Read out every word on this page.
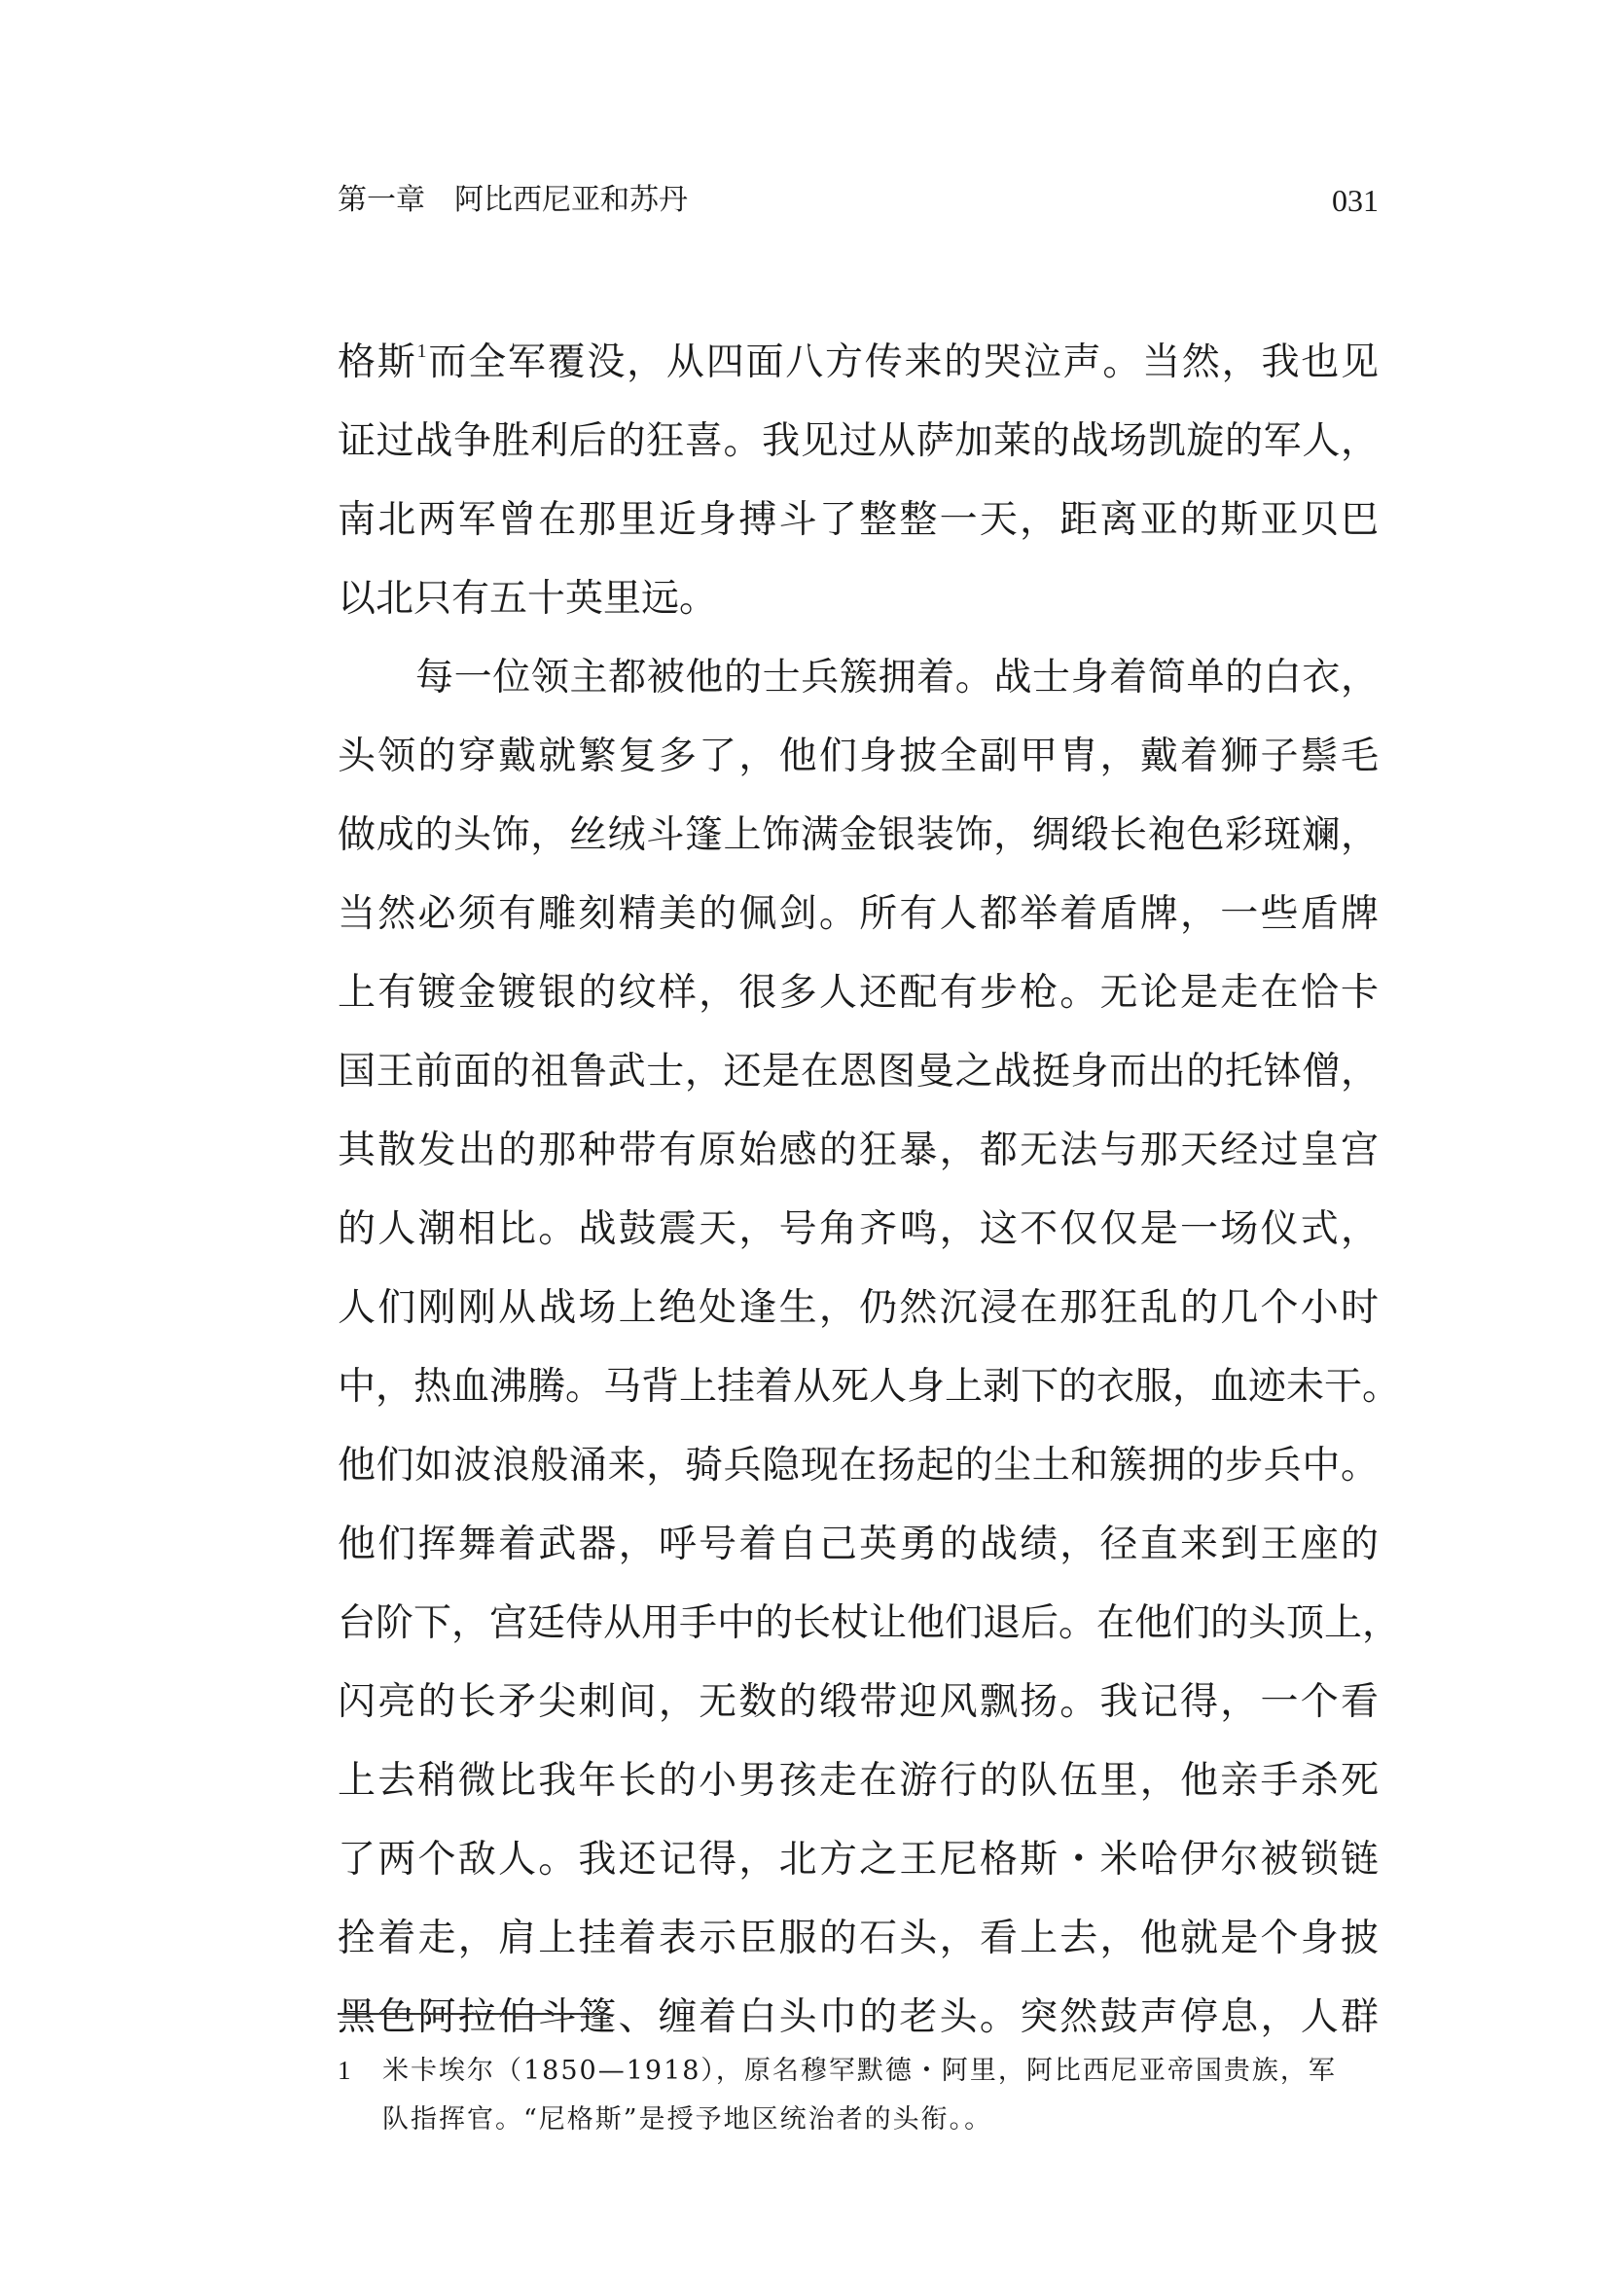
第一章　阿比西尼亚和苏丹	031
格斯$^1$而全军覆没，从四面八方传来的哭泣声。当然，我也见
证过战争胜利后的狂喜。我见过从萨加莱的战场凯旋的军人，
南北两军曾在那里近身搏斗了整整一天，距离亚的斯亚贝巴
以北只有五十英里远。
每一位领主都被他的士兵簇拥着。战士身着简单的白衣，
头领的穿戴就繁复多了，他们身披全副甲胄，戴着狮子鬃毛
做成的头饰，丝绒斗篷上饰满金银装饰，绸缎长袍色彩斑斓，
当然必须有雕刻精美的佩剑。所有人都举着盾牌，一些盾牌
上有镀金镀银的纹样，很多人还配有步枪。无论是走在恰卡
国王前面的祖鲁武士，还是在恩图曼之战挺身而出的托钵僧，
其散发出的那种带有原始感的狂暴，都无法与那天经过皇宫
的人潮相比。战鼓震天，号角齐鸣，这不仅仅是一场仪式，
人们刚刚从战场上绝处逢生，仍然沉浸在那狂乱的几个小时
中，热血沸腾。马背上挂着从死人身上剥下的衣服，血迹未干。
他们如波浪般涌来，骑兵隐现在扬起的尘土和簇拥的步兵中。
他们挥舞着武器，呼号着自己英勇的战绩，径直来到王座的
台阶下，宫廷侍从用手中的长杖让他们退后。在他们的头顶上，
闪亮的长矛尖刺间，无数的缎带迎风飘扬。我记得，一个看
上去稍微比我年长的小男孩走在游行的队伍里，他亲手杀死
了两个敌人。我还记得，北方之王尼格斯・米哈伊尔被锁链
拴着走，肩上挂着表示臣服的石头，看上去，他就是个身披
黑色阿拉伯斗篷、缠着白头巾的老头。突然鼓声停息，人群
1 米卡埃尔（1850—1918），原名穆罕默德・阿里，阿比西尼亚帝国贵族，军
队指挥官。“尼格斯”是授予地区统治者的头衔。。
